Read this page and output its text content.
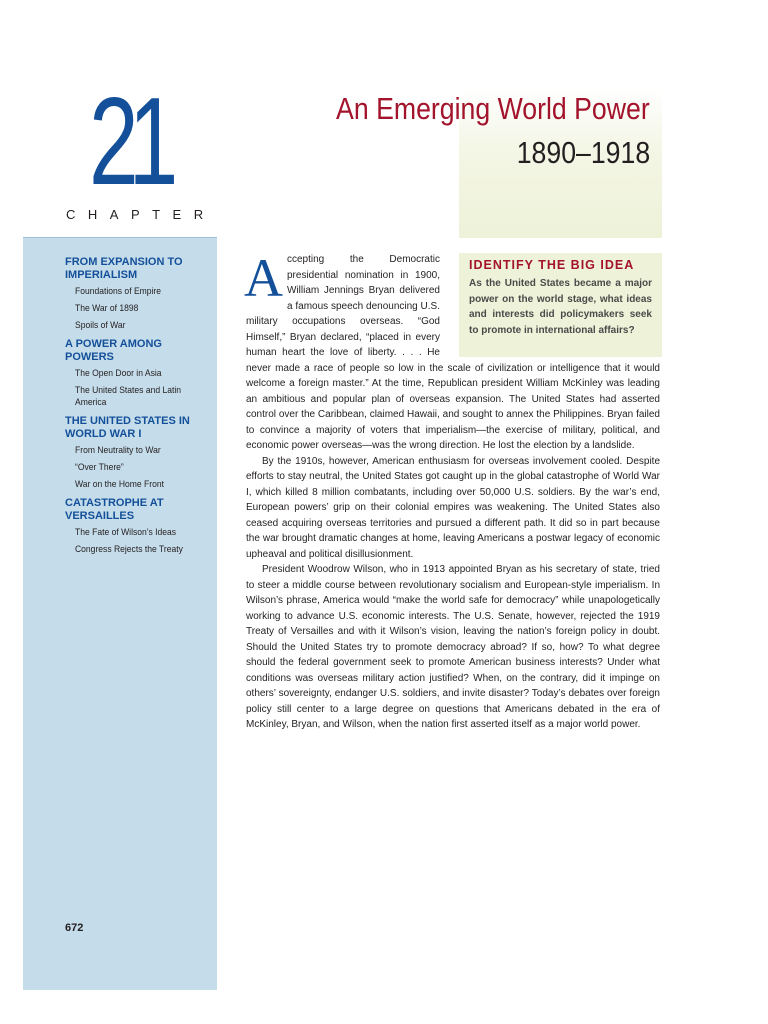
21
CHAPTER
An Emerging World Power
1890–1918
FROM EXPANSION TO IMPERIALISM
Foundations of Empire
The War of 1898
Spoils of War
A POWER AMONG POWERS
The Open Door in Asia
The United States and Latin America
THE UNITED STATES IN WORLD WAR I
From Neutrality to War
“Over There”
War on the Home Front
CATASTROPHE AT VERSAILLES
The Fate of Wilson’s Ideas
Congress Rejects the Treaty
672
IDENTIFY THE BIG IDEA
As the United States became a major power on the world stage, what ideas and interests did policymakers seek to promote in international affairs?

Accepting the Democratic presidential nomination in 1900, William Jennings Bryan delivered a famous speech denouncing U.S. military occupations overseas. “God Himself,” Bryan declared, “placed in every human heart the love of liberty. . . . He never made a race of people so low in the scale of civilization or intelligence that it would welcome a foreign master.” At the time, Republican president William McKinley was leading an ambitious and popular plan of overseas expansion. The United States had asserted control over the Caribbean, claimed Hawaii, and sought to annex the Philippines. Bryan failed to convince a majority of voters that imperialism—the exercise of military, political, and economic power overseas—was the wrong direction. He lost the election by a landslide.

By the 1910s, however, American enthusiasm for overseas involvement cooled. Despite efforts to stay neutral, the United States got caught up in the global catastrophe of World War I, which killed 8 million combatants, including over 50,000 U.S. soldiers. By the war’s end, European powers’ grip on their colonial empires was weakening. The United States also ceased acquiring overseas territories and pursued a different path. It did so in part because the war brought dramatic changes at home, leaving Americans a postwar legacy of economic upheaval and political disillusionment.

President Woodrow Wilson, who in 1913 appointed Bryan as his secretary of state, tried to steer a middle course between revolutionary socialism and European-style imperialism. In Wilson’s phrase, America would “make the world safe for democracy” while unapologetically working to advance U.S. economic interests. The U.S. Senate, however, rejected the 1919 Treaty of Versailles and with it Wilson’s vision, leaving the nation’s foreign policy in doubt. Should the United States try to promote democracy abroad? If so, how? To what degree should the federal government seek to promote American business interests? Under what conditions was overseas military action justified? When, on the contrary, did it impinge on others’ sovereignty, endanger U.S. soldiers, and invite disaster? Today’s debates over foreign policy still center to a large degree on questions that Americans debated in the era of McKinley, Bryan, and Wilson, when the nation first asserted itself as a major world power.
